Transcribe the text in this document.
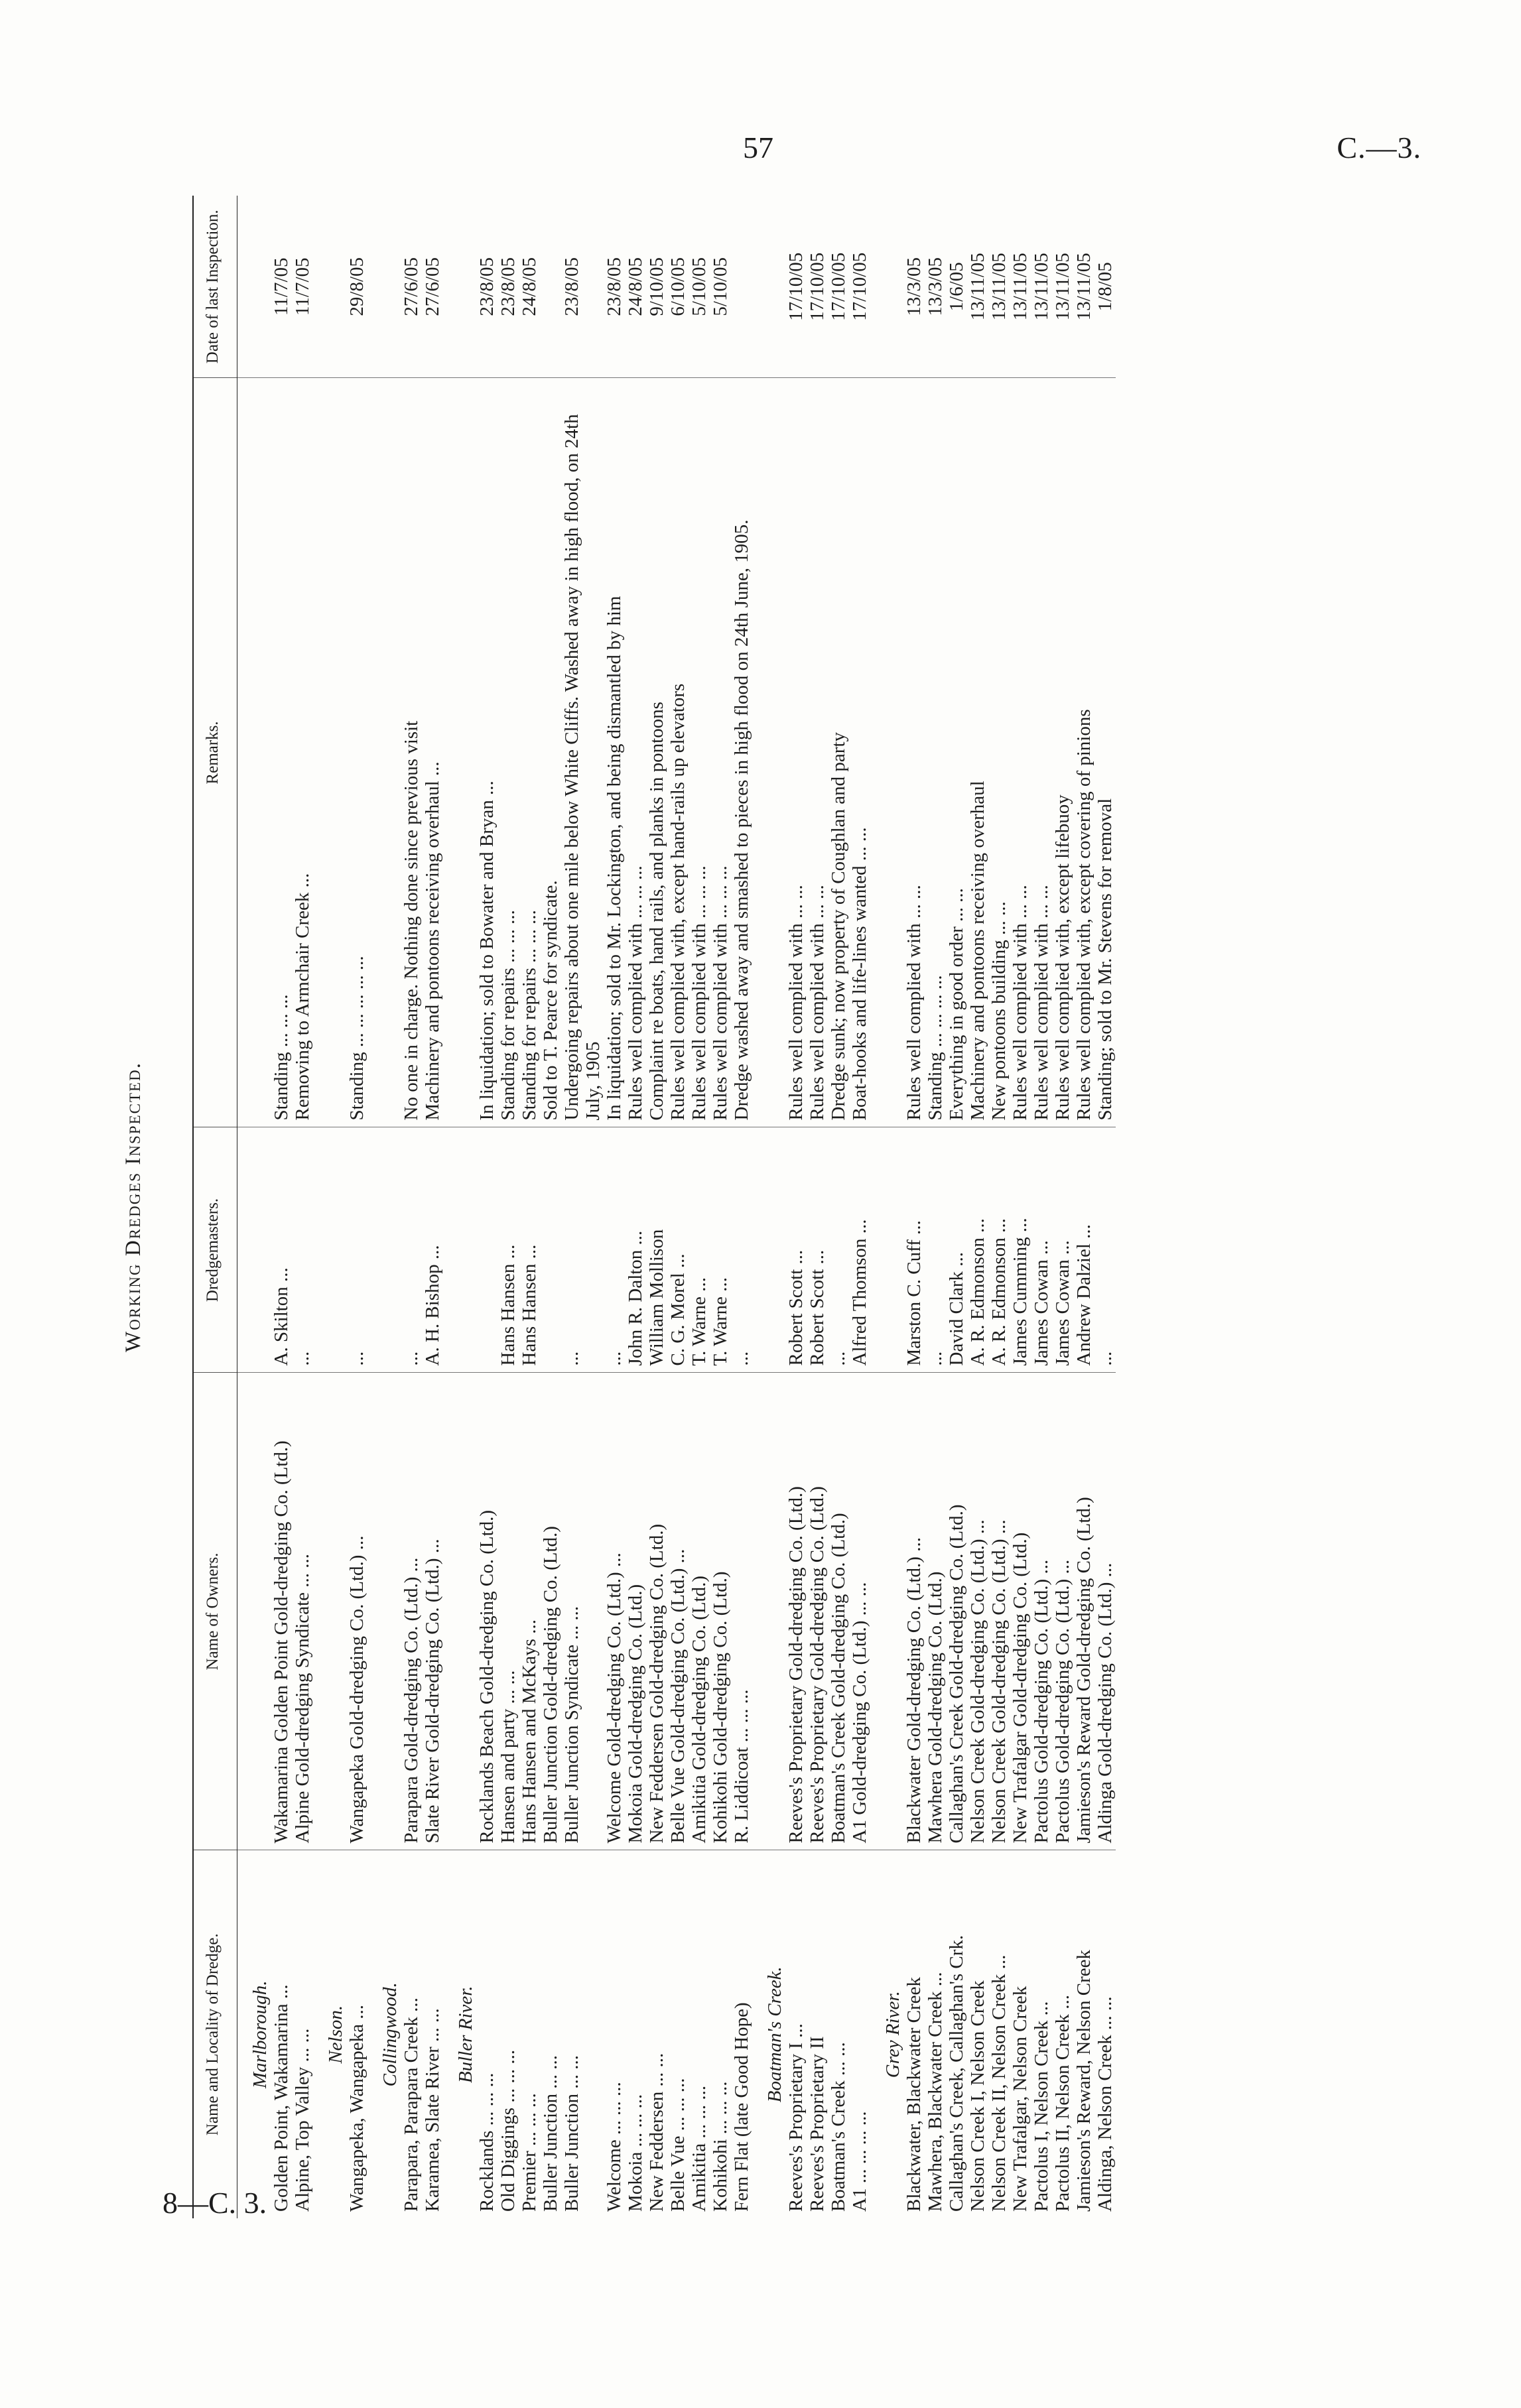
57	C.—3.
8—C. 3.
Working Dredges Inspected.
Name and Locality of Dredge.	Name of Owners.	Dredgemasters.	Remarks.	Date of last Inspection.
Marlborough.				
Golden Point, Wakamarina ...	Wakamarina Golden Point Gold-dredging Co. (Ltd.)	A. Skilton ...	Standing ... ... ...	11/7/05
Alpine, Top Valley ... ...	Alpine Gold-dredging Syndicate ... ...	...	Removing to Armchair Creek ...	11/7/05
Nelson.				
Wangapeka, Wangapeka ...	Wangapeka Gold-dredging Co. (Ltd.) ...	...	Standing ... ... ... ... ...	29/8/05
Collingwood.				
Parapara, Parapara Creek ...	Parapara Gold-dredging Co. (Ltd.) ...	...	No one in charge. Nothing done since previous visit	27/6/05
Karamea, Slate River ... ...	Slate River Gold-dredging Co. (Ltd.) ...	A. H. Bishop ...	Machinery and pontoons receiving overhaul ...	27/6/05
Buller River.				
Rocklands ... ... ...	Rocklands Beach Gold-dredging Co. (Ltd.)		In liquidation; sold to Bowater and Bryan ...	23/8/05
Old Diggings ... ... ...	Hansen and party ... ...	Hans Hansen ...	Standing for repairs ... ... ...	23/8/05
Premier ... ... ...	Hans Hansen and McKays ...	Hans Hansen ...	Standing for repairs ... ... ...	24/8/05
Buller Junction ... ...	Buller Junction Gold-dredging Co. (Ltd.)		Sold to T. Pearce for syndicate.	
Buller Junction ... ...	Buller Junction Syndicate ... ...	...	Undergoing repairs about one mile below White Cliffs. Washed away in high flood, on 24th July, 1905	23/8/05
Welcome ... ... ...	Welcome Gold-dredging Co. (Ltd.) ...	...	In liquidation; sold to Mr. Lockington, and being dismantled by him	23/8/05
Mokoia ... ... ...	Mokoia Gold-dredging Co. (Ltd.)	John R. Dalton ...	Rules well complied with ... ... ...	24/8/05
New Feddersen ... ...	New Feddersen Gold-dredging Co. (Ltd.)	William Mollison	Complaint re boats, hand rails, and planks in pontoons	9/10/05
Belle Vue ... ... ...	Belle Vue Gold-dredging Co. (Ltd.) ...	C. G. Morel ...	Rules well complied with, except hand-rails up elevators	6/10/05
Amikitia ... ... ...	Amikitia Gold-dredging Co. (Ltd.)	T. Warne ...	Rules well complied with ... ... ...	5/10/05
Kohikohi ... ... ...	Kohikohi Gold-dredging Co. (Ltd.)	T. Warne ...	Rules well complied with ... ... ...	5/10/05
Fern Flat (late Good Hope)	R. Liddicoat ... ... ...	...	Dredge washed away and smashed to pieces in high flood on 24th June, 1905.	
Boatman's Creek.				
Reeves's Proprietary I ...	Reeves's Proprietary Gold-dredging Co. (Ltd.)	Robert Scott ...	Rules well complied with ... ...	17/10/05
Reeves's Proprietary II	Reeves's Proprietary Gold-dredging Co. (Ltd.)	Robert Scott ...	Rules well complied with ... ...	17/10/05
Boatman's Creek ... ...	Boatman's Creek Gold-dredging Co. (Ltd.)	...	Dredge sunk; now property of Coughlan and party	17/10/05
A1 ... ... ... ...	A1 Gold-dredging Co. (Ltd.) ... ...	Alfred Thomson ...	Boat-hooks and life-lines wanted ... ...	17/10/05
Grey River.				
Blackwater, Blackwater Creek	Blackwater Gold-dredging Co. (Ltd.) ...	Marston C. Cuff ...	Rules well complied with ... ...	13/3/05
Mawhera, Blackwater Creek ...	Mawhera Gold-dredging Co. (Ltd.)	...	Standing ... ... ... ...	13/3/05
Callaghan's Creek, Callaghan's Crk.	Callaghan's Creek Gold-dredging Co. (Ltd.)	David Clark ...	Everything in good order ... ...	1/6/05
Nelson Creek I, Nelson Creek	Nelson Creek Gold-dredging Co. (Ltd.) ...	A. R. Edmonson ...	Machinery and pontoons receiving overhaul	13/11/05
Nelson Creek II, Nelson Creek ...	Nelson Creek Gold-dredging Co. (Ltd.) ...	A. R. Edmonson ...	New pontoons building ... ...	13/11/05
New Trafalgar, Nelson Creek	New Trafalgar Gold-dredging Co. (Ltd.)	James Cumming ...	Rules well complied with ... ...	13/11/05
Pactolus I, Nelson Creek ...	Pactolus Gold-dredging Co. (Ltd.) ...	James Cowan ...	Rules well complied with ... ...	13/11/05
Pactolus II, Nelson Creek ...	Pactolus Gold-dredging Co. (Ltd.) ...	James Cowan ...	Rules well complied with, except lifebuoy	13/11/05
Jamieson's Reward, Nelson Creek	Jamieson's Reward Gold-dredging Co. (Ltd.)	Andrew Dalziel ...	Rules well complied with, except covering of pinions	13/11/05
Aldinga, Nelson Creek ... ...	Aldinga Gold-dredging Co. (Ltd.) ...	...	Standing; sold to Mr. Stevens for removal	1/8/05
